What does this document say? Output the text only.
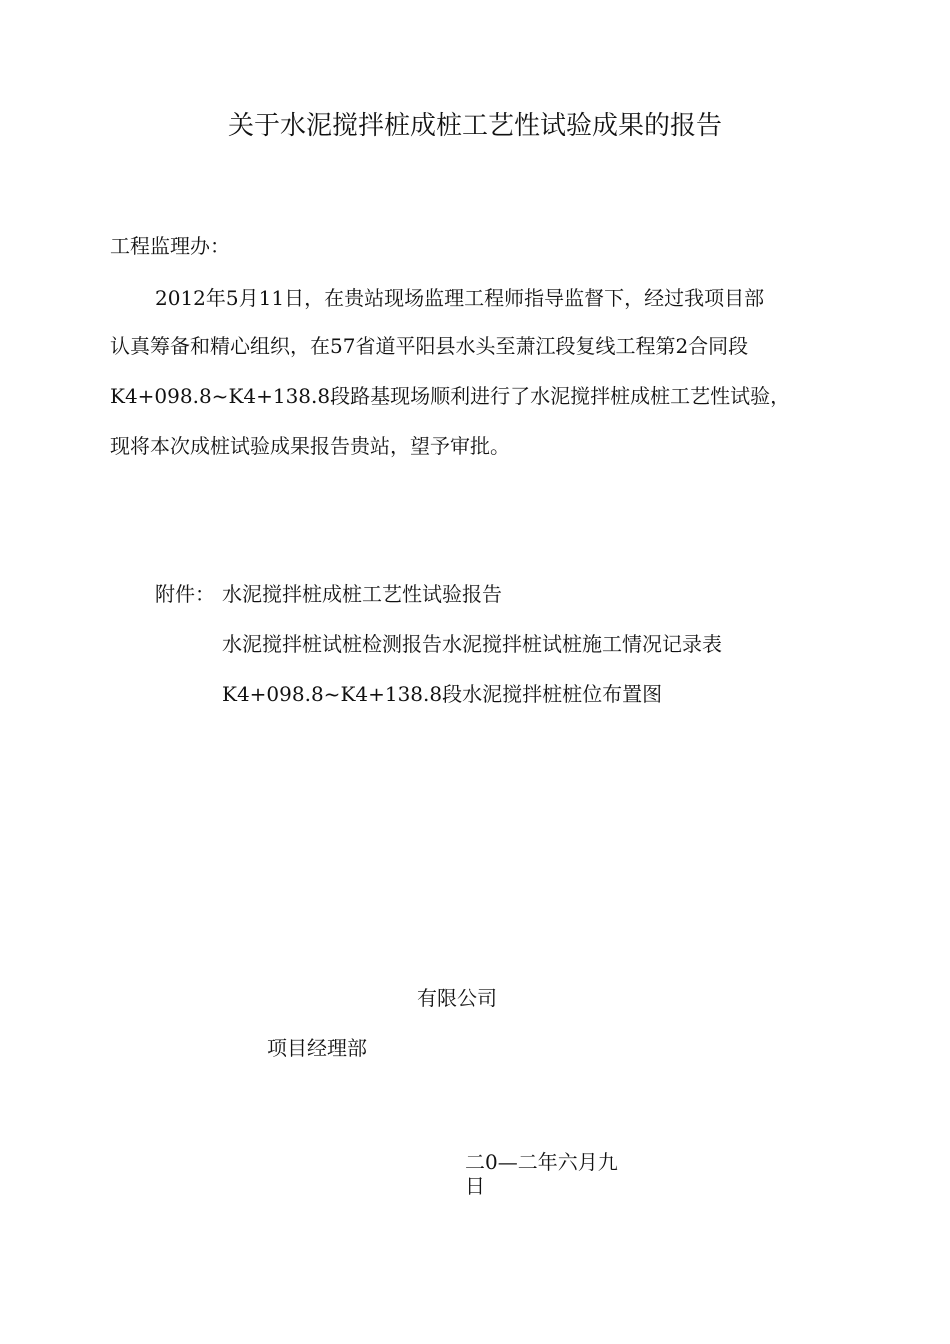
关于水泥搅拌桩成桩工艺性试验成果的报告
工程监理办：
2012年5月11日，在贵站现场监理工程师指导监督下，经过我项目部
认真筹备和精心组织，在57省道平阳县水头至萧江段复线工程第2合同段
K4+098.8~K4+138.8段路基现场顺利进行了水泥搅拌桩成桩工艺性试验，
现将本次成桩试验成果报告贵站，望予审批。
附件： 水泥搅拌桩成桩工艺性试验报告
水泥搅拌桩试桩检测报告水泥搅拌桩试桩施工情况记录表
K4+098.8~K4+138.8段水泥搅拌桩桩位布置图
有限公司
项目经理部
二0—二年六月九
日
